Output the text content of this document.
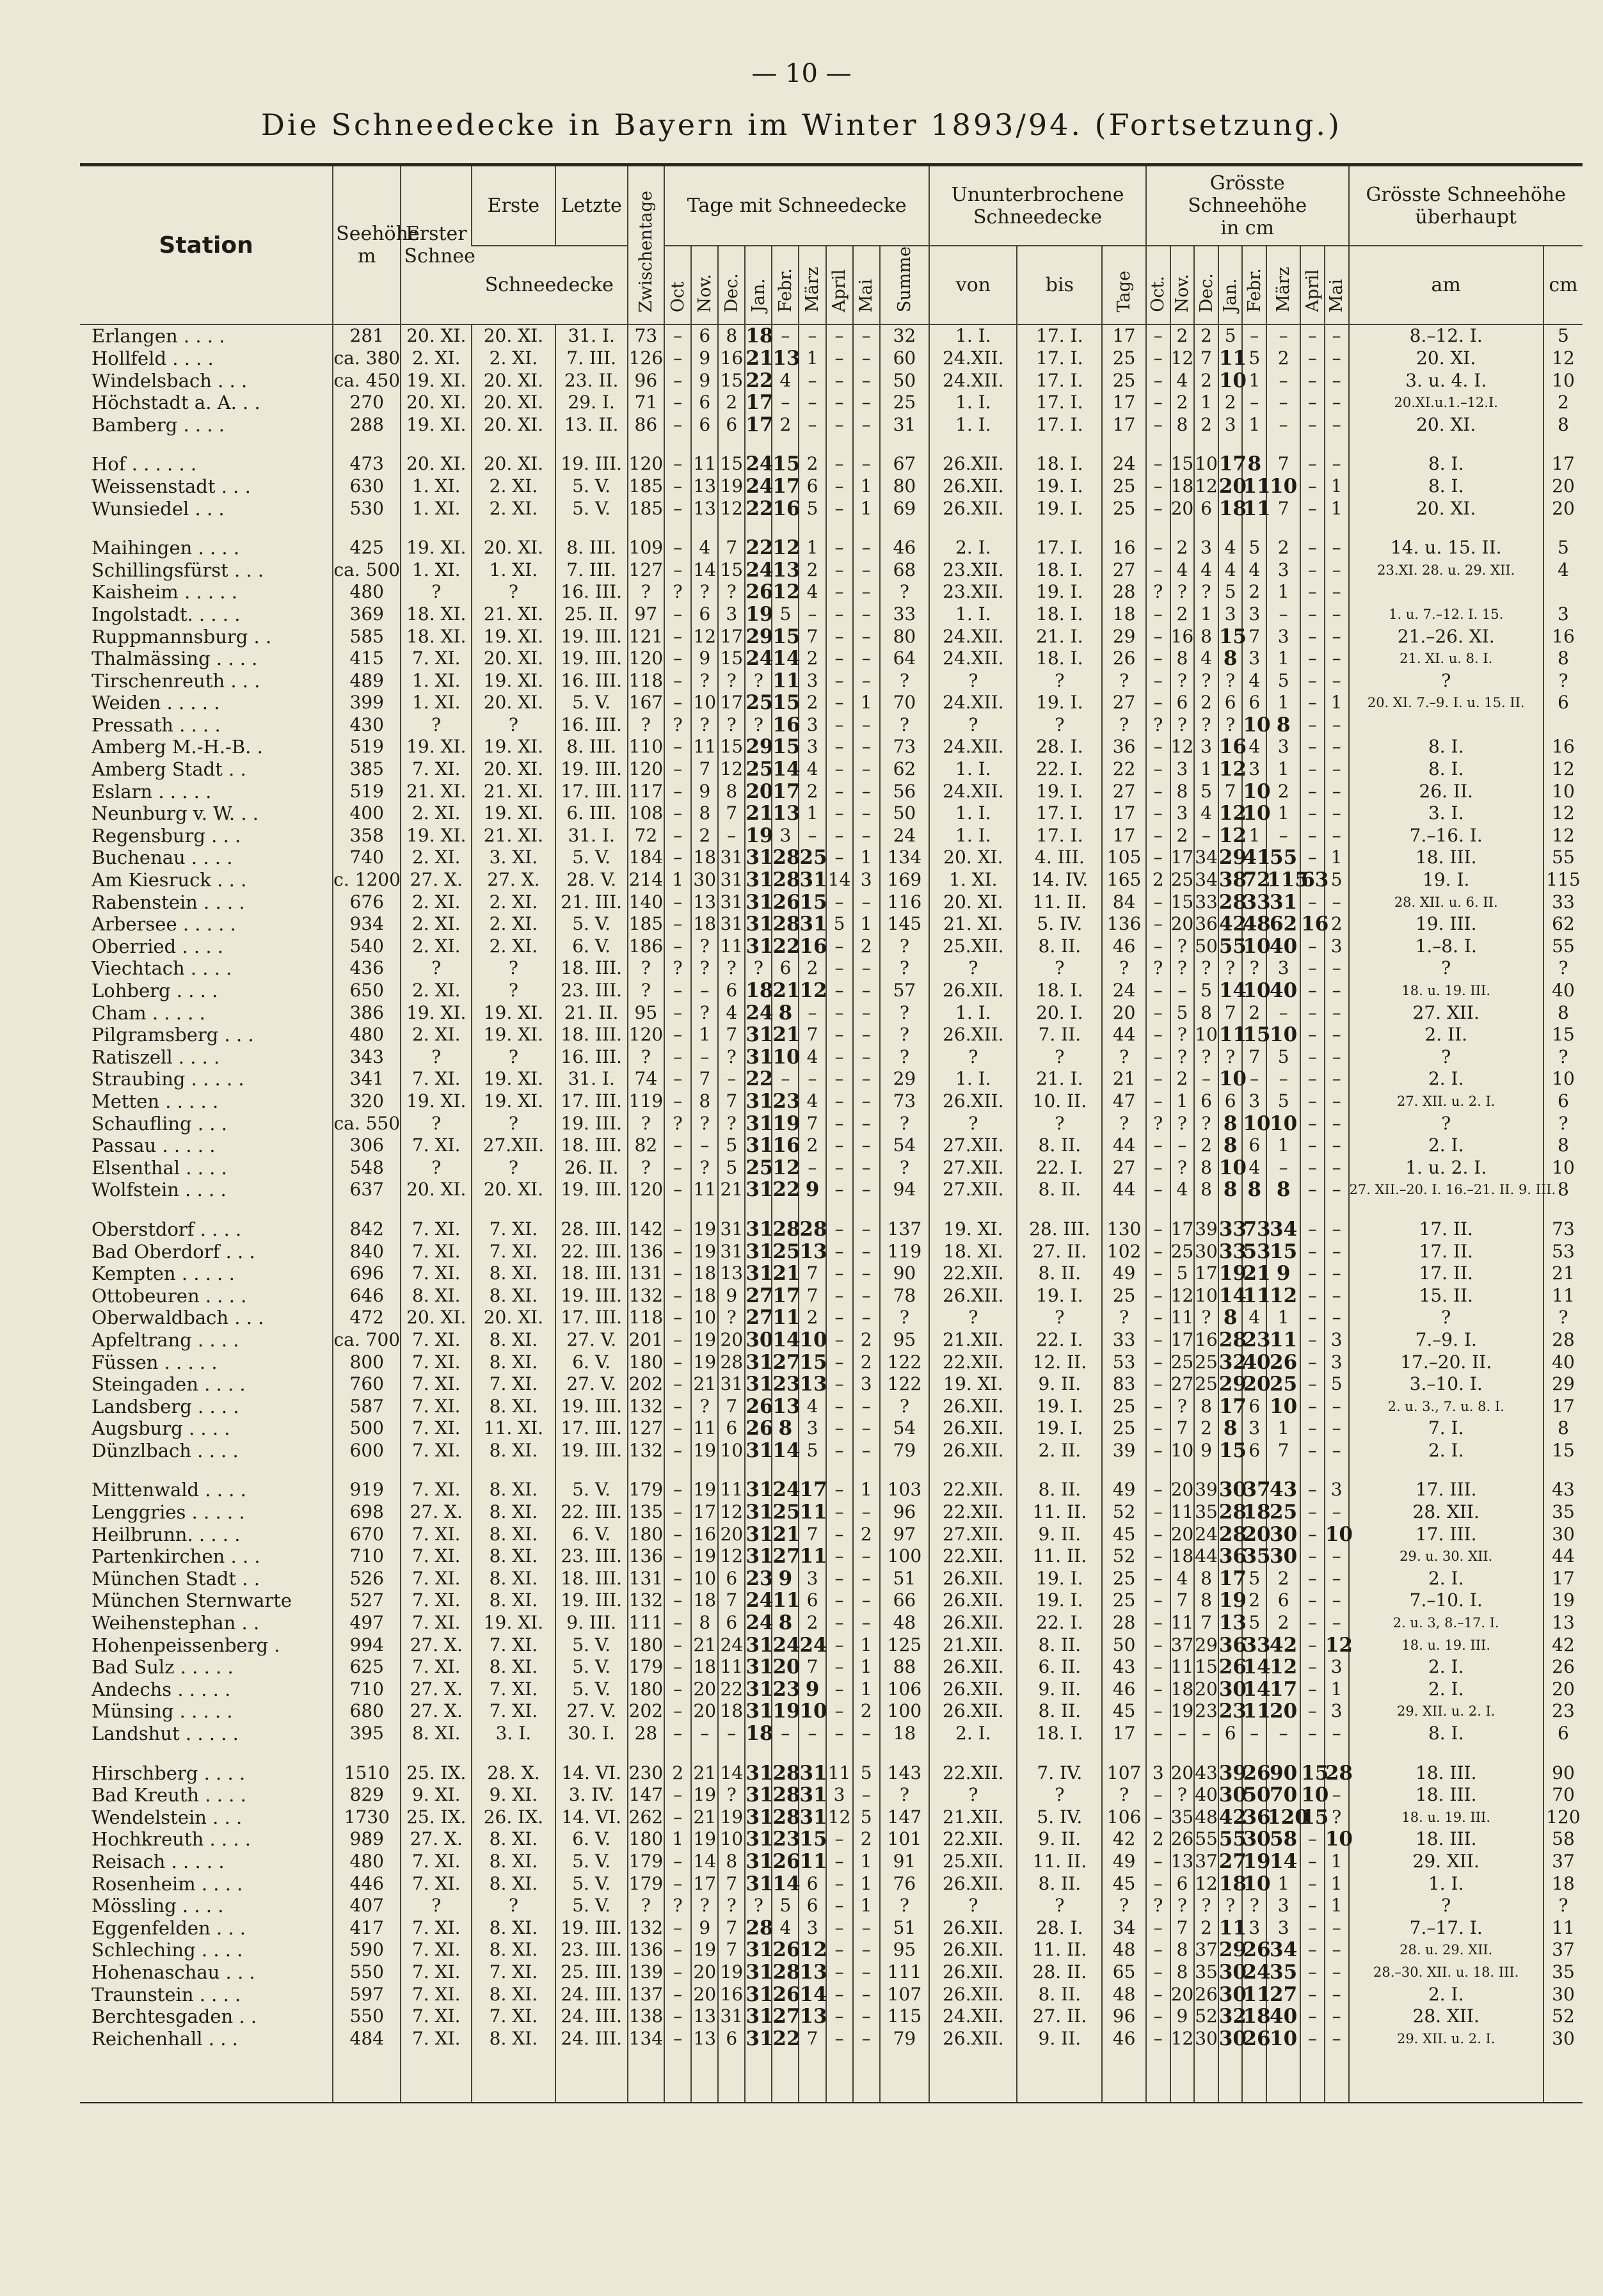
— 10 —
Die Schneedecke in Bayern im Winter 1893/94. (Fortsetzung.)
Station	Seehöhe m	Erster Schnee	Erste	Letzte	Zwischentage	Tage mit Schneedecke									Ununterbrochene Schneedecke			Grösste Schneehöhe in cm								Grösste Schneehöhe überhaupt	
			Schneedecke			Oct	Nov.	Dec.	Jan.	Febr.	März	April	Mai	Summe	von	bis	Tage	Oct.	Nov.	Dec.	Jan.	Febr.	März	April	Mai	am	cm
Erlangen . . . .	281	20. XI.	20. XI.	31. I.	73	–	6	8	18	–	–	–	–	32	1. I.	17. I.	17	–	2	2	5	–	–	–	–	8.–12. I.	5
Hollfeld . . . .	ca. 380	2. XI.	2. XI.	7. III.	126	–	9	16	21	13	1	–	–	60	24.XII.	17. I.	25	–	12	7	11	5	2	–	–	20. XI.	12
Windelsbach . . .	ca. 450	19. XI.	20. XI.	23. II.	96	–	9	15	22	4	–	–	–	50	24.XII.	17. I.	25	–	4	2	10	1	–	–	–	3. u. 4. I.	10
Höchstadt a. A. . .	270	20. XI.	20. XI.	29. I.	71	–	6	2	17	–	–	–	–	25	1. I.	17. I.	17	–	2	1	2	–	–	–	–	20.XI.u.1.–12.I.	2
Bamberg . . . .	288	19. XI.	20. XI.	13. II.	86	–	6	6	17	2	–	–	–	31	1. I.	17. I.	17	–	8	2	3	1	–	–	–	20. XI.	8

Hof . . . . . .	473	20. XI.	20. XI.	19. III.	120	–	11	15	24	15	2	–	–	67	26.XII.	18. I.	24	–	15	10	17	8	7	–	–	8. I.	17
Weissenstadt . . .	630	1. XI.	2. XI.	5. V.	185	–	13	19	24	17	6	–	1	80	26.XII.	19. I.	25	–	18	12	20	11	10	–	1	8. I.	20
Wunsiedel . . .	530	1. XI.	2. XI.	5. V.	185	–	13	12	22	16	5	–	1	69	26.XII.	19. I.	25	–	20	6	18	11	7	–	1	20. XI.	20

Maihingen . . . .	425	19. XI.	20. XI.	8. III.	109	–	4	7	22	12	1	–	–	46	2. I.	17. I.	16	–	2	3	4	5	2	–	–	14. u. 15. II.	5
Schillingsfürst . . .	ca. 500	1. XI.	1. XI.	7. III.	127	–	14	15	24	13	2	–	–	68	23.XII.	18. I.	27	–	4	4	4	4	3	–	–	23.XI. 28. u. 29. XII.	4
Kaisheim . . . . .	480	?	?	16. III.	?	?	?	?	26	12	4	–	–	?	23.XII.	19. I.	28	?	?	?	5	2	1	–	–		
Ingolstadt. . . . .	369	18. XI.	21. XI.	25. II.	97	–	6	3	19	5	–	–	–	33	1. I.	18. I.	18	–	2	1	3	3	–	–	–	1. u. 7.–12. I. 15.	3
Ruppmannsburg . .	585	18. XI.	19. XI.	19. III.	121	–	12	17	29	15	7	–	–	80	24.XII.	21. I.	29	–	16	8	15	7	3	–	–	21.–26. XI.	16
Thalmässing . . . .	415	7. XI.	20. XI.	19. III.	120	–	9	15	24	14	2	–	–	64	24.XII.	18. I.	26	–	8	4	8	3	1	–	–	21. XI. u. 8. I.	8
Tirschenreuth . . .	489	1. XI.	19. XI.	16. III.	118	–	?	?	?	11	3	–	–	?	?	?	?	–	?	?	?	4	5	–	–	?	?
Weiden . . . . .	399	1. XI.	20. XI.	5. V.	167	–	10	17	25	15	2	–	1	70	24.XII.	19. I.	27	–	6	2	6	6	1	–	1	20. XI. 7.–9. I. u. 15. II.	6
Pressath . . . .	430	?	?	16. III.	?	?	?	?	?	16	3	–	–	?	?	?	?	?	?	?	?	10	8	–	–		
Amberg M.-H.-B. .	519	19. XI.	19. XI.	8. III.	110	–	11	15	29	15	3	–	–	73	24.XII.	28. I.	36	–	12	3	16	4	3	–	–	8. I.	16
Amberg Stadt . .	385	7. XI.	20. XI.	19. III.	120	–	7	12	25	14	4	–	–	62	1. I.	22. I.	22	–	3	1	12	3	1	–	–	8. I.	12
Eslarn . . . . .	519	21. XI.	21. XI.	17. III.	117	–	9	8	20	17	2	–	–	56	24.XII.	19. I.	27	–	8	5	7	10	2	–	–	26. II.	10
Neunburg v. W. . .	400	2. XI.	19. XI.	6. III.	108	–	8	7	21	13	1	–	–	50	1. I.	17. I.	17	–	3	4	12	10	1	–	–	3. I.	12
Regensburg . . .	358	19. XI.	21. XI.	31. I.	72	–	2	–	19	3	–	–	–	24	1. I.	17. I.	17	–	2	–	12	1	–	–	–	7.–16. I.	12
Buchenau . . . .	740	2. XI.	3. XI.	5. V.	184	–	18	31	31	28	25	–	1	134	20. XI.	4. III.	105	–	17	34	29	41	55	–	1	18. III.	55
Am Kiesruck . . .	c. 1200	27. X.	27. X.	28. V.	214	1	30	31	31	28	31	14	3	169	1. XI.	14. IV.	165	2	25	34	38	72	115	63	5	19. I.	115
Rabenstein . . . .	676	2. XI.	2. XI.	21. III.	140	–	13	31	31	26	15	–	–	116	20. XI.	11. II.	84	–	15	33	28	33	31	–	–	28. XII. u. 6. II.	33
Arbersee . . . . .	934	2. XI.	2. XI.	5. V.	185	–	18	31	31	28	31	5	1	145	21. XI.	5. IV.	136	–	20	36	42	48	62	16	2	19. III.	62
Oberried . . . .	540	2. XI.	2. XI.	6. V.	186	–	?	11	31	22	16	–	2	?	25.XII.	8. II.	46	–	?	50	55	10	40	–	3	1.–8. I.	55
Viechtach . . . .	436	?	?	18. III.	?	?	?	?	?	6	2	–	–	?	?	?	?	?	?	?	?	?	3	–	–	?	?
Lohberg . . . .	650	2. XI.	?	23. III.	?	–	–	6	18	21	12	–	–	57	26.XII.	18. I.	24	–	–	5	14	10	40	–	–	18. u. 19. III.	40
Cham . . . . .	386	19. XI.	19. XI.	21. II.	95	–	?	4	24	8	–	–	–	?	1. I.	20. I.	20	–	5	8	7	2	–	–	–	27. XII.	8
Pilgramsberg . . .	480	2. XI.	19. XI.	18. III.	120	–	1	7	31	21	7	–	–	?	26.XII.	7. II.	44	–	?	10	11	15	10	–	–	2. II.	15
Ratiszell . . . .	343	?	?	16. III.	?	–	–	?	31	10	4	–	–	?	?	?	?	–	?	?	?	7	5	–	–	?	?
Straubing . . . . .	341	7. XI.	19. XI.	31. I.	74	–	7	–	22	–	–	–	–	29	1. I.	21. I.	21	–	2	–	10	–	–	–	–	2. I.	10
Metten . . . . .	320	19. XI.	19. XI.	17. III.	119	–	8	7	31	23	4	–	–	73	26.XII.	10. II.	47	–	1	6	6	3	5	–	–	27. XII. u. 2. I.	6
Schaufling . . .	ca. 550	?	?	19. III.	?	?	?	?	31	19	7	–	–	?	?	?	?	?	?	?	8	10	10	–	–	?	?
Passau . . . . .	306	7. XI.	27.XII.	18. III.	82	–	–	5	31	16	2	–	–	54	27.XII.	8. II.	44	–	–	2	8	6	1	–	–	2. I.	8
Elsenthal . . . .	548	?	?	26. II.	?	–	?	5	25	12	–	–	–	?	27.XII.	22. I.	27	–	?	8	10	4	–	–	–	1. u. 2. I.	10
Wolfstein . . . .	637	20. XI.	20. XI.	19. III.	120	–	11	21	31	22	9	–	–	94	27.XII.	8. II.	44	–	4	8	8	8	8	–	–	27. XII.–20. I. 16.–21. II. 9. III.	8

Oberstdorf . . . .	842	7. XI.	7. XI.	28. III.	142	–	19	31	31	28	28	–	–	137	19. XI.	28. III.	130	–	17	39	33	73	34	–	–	17. II.	73
Bad Oberdorf . . .	840	7. XI.	7. XI.	22. III.	136	–	19	31	31	25	13	–	–	119	18. XI.	27. II.	102	–	25	30	33	53	15	–	–	17. II.	53
Kempten . . . . .	696	7. XI.	8. XI.	18. III.	131	–	18	13	31	21	7	–	–	90	22.XII.	8. II.	49	–	5	17	19	21	9	–	–	17. II.	21
Ottobeuren . . . .	646	8. XI.	8. XI.	19. III.	132	–	18	9	27	17	7	–	–	78	26.XII.	19. I.	25	–	12	10	14	11	12	–	–	15. II.	11
Oberwaldbach . . .	472	20. XI.	20. XI.	17. III.	118	–	10	?	27	11	2	–	–	?	?	?	?	–	11	?	8	4	1	–	–	?	?
Apfeltrang . . . .	ca. 700	7. XI.	8. XI.	27. V.	201	–	19	20	30	14	10	–	2	95	21.XII.	22. I.	33	–	17	16	28	23	11	–	3	7.–9. I.	28
Füssen . . . . .	800	7. XI.	8. XI.	6. V.	180	–	19	28	31	27	15	–	2	122	22.XII.	12. II.	53	–	25	25	32	40	26	–	3	17.–20. II.	40
Steingaden . . . .	760	7. XI.	7. XI.	27. V.	202	–	21	31	31	23	13	–	3	122	19. XI.	9. II.	83	–	27	25	29	20	25	–	5	3.–10. I.	29
Landsberg . . . .	587	7. XI.	8. XI.	19. III.	132	–	?	7	26	13	4	–	–	?	26.XII.	19. I.	25	–	?	8	17	6	10	–	–	2. u. 3., 7. u. 8. I.	17
Augsburg . . . .	500	7. XI.	11. XI.	17. III.	127	–	11	6	26	8	3	–	–	54	26.XII.	19. I.	25	–	7	2	8	3	1	–	–	7. I.	8
Dünzlbach . . . .	600	7. XI.	8. XI.	19. III.	132	–	19	10	31	14	5	–	–	79	26.XII.	2. II.	39	–	10	9	15	6	7	–	–	2. I.	15

Mittenwald . . . .	919	7. XI.	8. XI.	5. V.	179	–	19	11	31	24	17	–	1	103	22.XII.	8. II.	49	–	20	39	30	37	43	–	3	17. III.	43
Lenggries . . . . .	698	27. X.	8. XI.	22. III.	135	–	17	12	31	25	11	–	–	96	22.XII.	11. II.	52	–	11	35	28	18	25	–	–	28. XII.	35
Heilbrunn. . . . .	670	7. XI.	8. XI.	6. V.	180	–	16	20	31	21	7	–	2	97	27.XII.	9. II.	45	–	20	24	28	20	30	–	10	17. III.	30
Partenkirchen . . .	710	7. XI.	8. XI.	23. III.	136	–	19	12	31	27	11	–	–	100	22.XII.	11. II.	52	–	18	44	36	35	30	–	–	29. u. 30. XII.	44
München Stadt . .	526	7. XI.	8. XI.	18. III.	131	–	10	6	23	9	3	–	–	51	26.XII.	19. I.	25	–	4	8	17	5	2	–	–	2. I.	17
München Sternwarte	527	7. XI.	8. XI.	19. III.	132	–	18	7	24	11	6	–	–	66	26.XII.	19. I.	25	–	7	8	19	2	6	–	–	7.–10. I.	19
Weihenstephan . .	497	7. XI.	19. XI.	9. III.	111	–	8	6	24	8	2	–	–	48	26.XII.	22. I.	28	–	11	7	13	5	2	–	–	2. u. 3, 8.–17. I.	13
Hohenpeissenberg .	994	27. X.	7. XI.	5. V.	180	–	21	24	31	24	24	–	1	125	21.XII.	8. II.	50	–	37	29	36	33	42	–	12	18. u. 19. III.	42
Bad Sulz . . . . .	625	7. XI.	8. XI.	5. V.	179	–	18	11	31	20	7	–	1	88	26.XII.	6. II.	43	–	11	15	26	14	12	–	3	2. I.	26
Andechs . . . . .	710	27. X.	7. XI.	5. V.	180	–	20	22	31	23	9	–	1	106	26.XII.	9. II.	46	–	18	20	30	14	17	–	1	2. I.	20
Münsing . . . . .	680	27. X.	7. XI.	27. V.	202	–	20	18	31	19	10	–	2	100	26.XII.	8. II.	45	–	19	23	23	11	20	–	3	29. XII. u. 2. I.	23
Landshut . . . . .	395	8. XI.	3. I.	30. I.	28	–	–	–	18	–	–	–	–	18	2. I.	18. I.	17	–	–	–	6	–	–	–	–	8. I.	6

Hirschberg . . . .	1510	25. IX.	28. X.	14. VI.	230	2	21	14	31	28	31	11	5	143	22.XII.	7. IV.	107	3	20	43	39	26	90	15	28	18. III.	90
Bad Kreuth . . . .	829	9. XI.	9. XI.	3. IV.	147	–	19	?	31	28	31	3	–	?	?	?	?	–	?	40	30	50	70	10	–	18. III.	70
Wendelstein . . .	1730	25. IX.	26. IX.	14. VI.	262	–	21	19	31	28	31	12	5	147	21.XII.	5. IV.	106	–	35	48	42	36	120	15	?	18. u. 19. III.	120
Hochkreuth . . . .	989	27. X.	8. XI.	6. V.	180	1	19	10	31	23	15	–	2	101	22.XII.	9. II.	42	2	26	55	55	30	58	–	10	18. III.	58
Reisach . . . . .	480	7. XI.	8. XI.	5. V.	179	–	14	8	31	26	11	–	1	91	25.XII.	11. II.	49	–	13	37	27	19	14	–	1	29. XII.	37
Rosenheim . . . .	446	7. XI.	8. XI.	5. V.	179	–	17	7	31	14	6	–	1	76	26.XII.	8. II.	45	–	6	12	18	10	1	–	1	1. I.	18
Mössling . . . .	407	?	?	5. V.	?	?	?	?	?	5	6	–	1	?	?	?	?	?	?	?	?	?	3	–	1	?	?
Eggenfelden . . .	417	7. XI.	8. XI.	19. III.	132	–	9	7	28	4	3	–	–	51	26.XII.	28. I.	34	–	7	2	11	3	3	–	–	7.–17. I.	11
Schleching . . . .	590	7. XI.	8. XI.	23. III.	136	–	19	7	31	26	12	–	–	95	26.XII.	11. II.	48	–	8	37	29	26	34	–	–	28. u. 29. XII.	37
Hohenaschau . . .	550	7. XI.	7. XI.	25. III.	139	–	20	19	31	28	13	–	–	111	26.XII.	28. II.	65	–	8	35	30	24	35	–	–	28.–30. XII. u. 18. III.	35
Traunstein . . . .	597	7. XI.	8. XI.	24. III.	137	–	20	16	31	26	14	–	–	107	26.XII.	8. II.	48	–	20	26	30	11	27	–	–	2. I.	30
Berchtesgaden . .	550	7. XI.	7. XI.	24. III.	138	–	13	31	31	27	13	–	–	115	24.XII.	27. II.	96	–	9	52	32	18	40	–	–	28. XII.	52
Reichenhall . . .	484	7. XI.	8. XI.	24. III.	134	–	13	6	31	22	7	–	–	79	26.XII.	9. II.	46	–	12	30	30	26	10	–	–	29. XII. u. 2. I.	30
